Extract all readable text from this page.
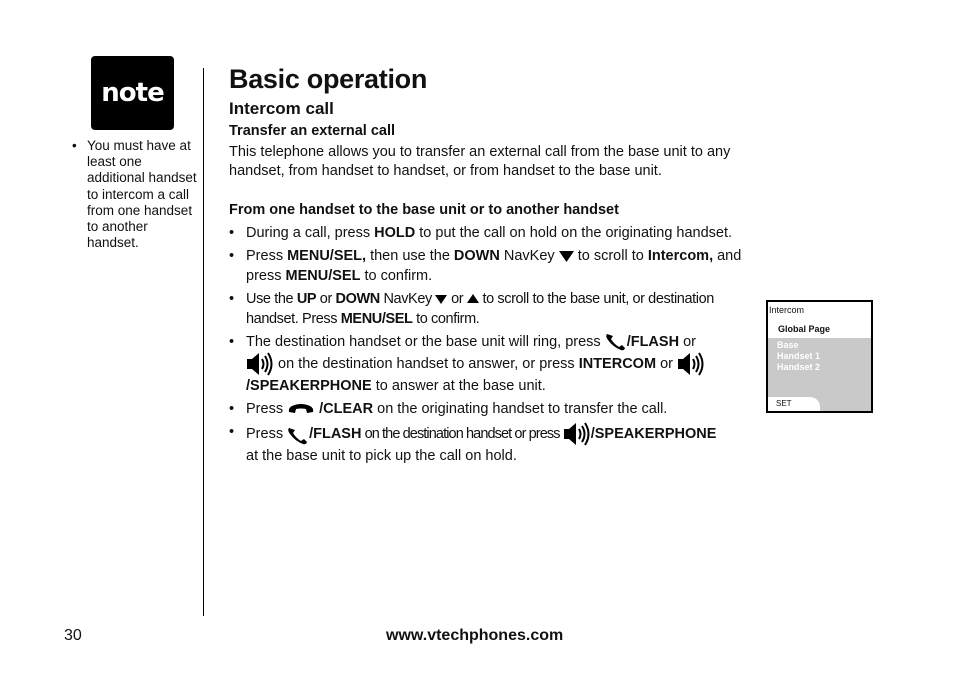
note
• You must have at least one additional handset to intercom a call from one handset to another handset.
Basic operation
Intercom call
Transfer an external call

This telephone allows you to transfer an external call from the base unit to any handset, from handset to handset, or from handset to the base unit.

From one handset to the base unit or to another handset
• During a call, press HOLD to put the call on hold on the originating handset.
• Press MENU/SEL, then use the DOWN NavKey  to scroll to Intercom, and press MENU/SEL to confirm.
• Use the UP or DOWN NavKey  or  to scroll to the base unit, or destination handset. Press MENU/SEL to confirm.
• The destination handset or the base unit will ring, press /FLASH or
on the destination handset to answer, or press INTERCOM or
/SPEAKERPHONE to answer at the base unit.
• Press  /CLEAR on the originating handset to transfer the call.
• Press /FLASH on the destination handset or press /SPEAKERPHONE
at the base unit to pick up the call on hold.
Intercom
Global Page
Base
Handset 1
Handset 2
SET
30	www.vtechphones.com
